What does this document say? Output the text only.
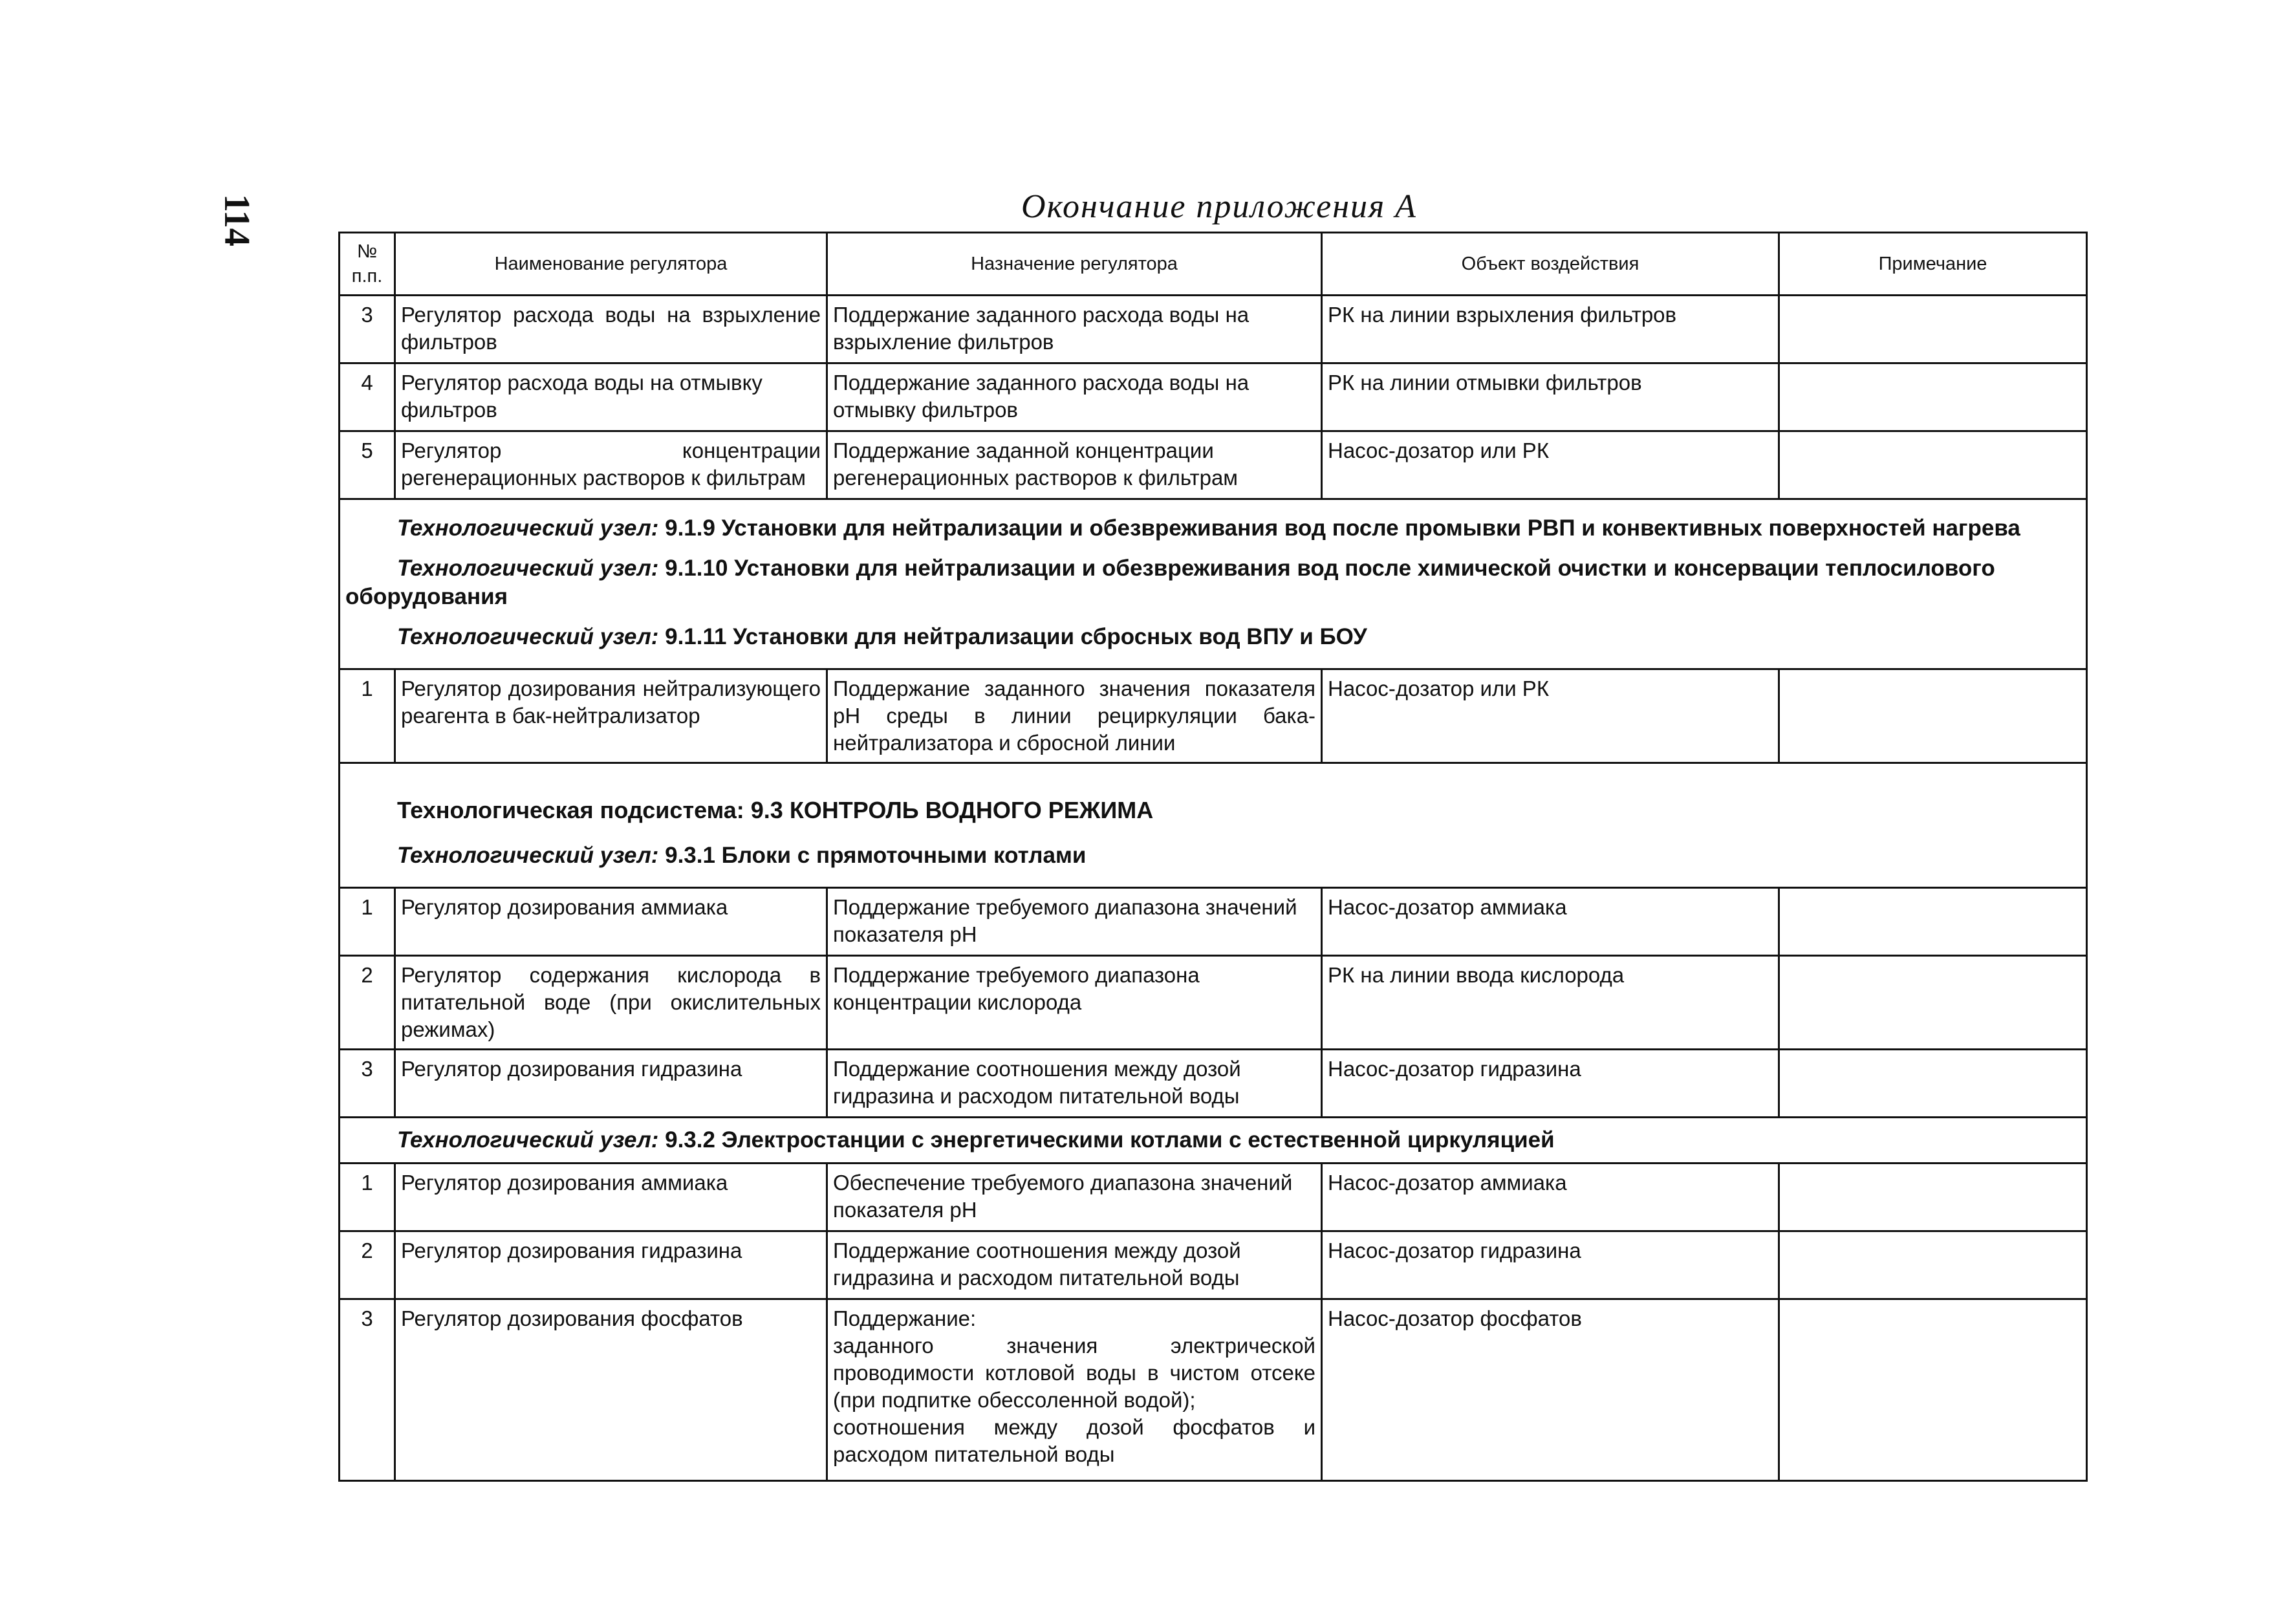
114	Окончание приложения А
№ п.п.	Наименование регулятора	Назначение регулятора	Объект воздействия	Примечание
3	Регулятор расхода воды на взрыхление фильтров	Поддержание заданного расхода воды на взрыхление фильтров	РК на линии взрыхления фильтров	
4	Регулятор расхода воды на отмывку фильтров	Поддержание заданного расхода воды на отмывку фильтров	РК на линии отмывки фильтров	
5	Регулятор концентрации регенерационных растворов к фильтрам	Поддержание заданной концентрации регенерационных растворов к фильтрам	Насос-дозатор или РК	

Технологический узел: 9.1.9 Установки для нейтрализации и обезвреживания вод после промывки РВП и конвективных поверхностей нагрева
Технологический узел: 9.1.10 Установки для нейтрализации и обезвреживания вод после химической очистки и консервации теплосилового оборудования
Технологический узел: 9.1.11 Установки для нейтрализации сбросных вод ВПУ и БОУ				

1	Регулятор дозирования нейтрализующего реагента в бак-нейтрализатор	Поддержание заданного значения показателя pH среды в линии рециркуляции бака-нейтрализатора и сбросной линии	Насос-дозатор или РК	

Технологическая подсистема: 9.3 КОНТРОЛЬ ВОДНОГО РЕЖИМА
Технологический узел: 9.3.1 Блоки с прямоточными котлами				

1	Регулятор дозирования аммиака	Поддержание требуемого диапазона значений показателя pH	Насос-дозатор аммиака	
2	Регулятор содержания кислорода в питательной воде (при окислительных режимах)	Поддержание требуемого диапазона концентрации кислорода	РК на линии ввода кислорода	
3	Регулятор дозирования гидразина	Поддержание соотношения между дозой гидразина и расходом питательной воды	Насос-дозатор гидразина	

Технологический узел: 9.3.2 Электростанции с энергетическими котлами с естественной циркуляцией				

1	Регулятор дозирования аммиака	Обеспечение требуемого диапазона значений показателя pH	Насос-дозатор аммиака	
2	Регулятор дозирования гидразина	Поддержание соотношения между дозой гидразина и расходом питательной воды	Насос-дозатор гидразина	
3	Регулятор дозирования фосфатов	Поддержание:
заданного значения электрической проводимости котловой воды в чистом отсеке (при подпитке обессоленной водой);
соотношения между дозой фосфатов и расходом питательной воды	Насос-дозатор фосфатов	
